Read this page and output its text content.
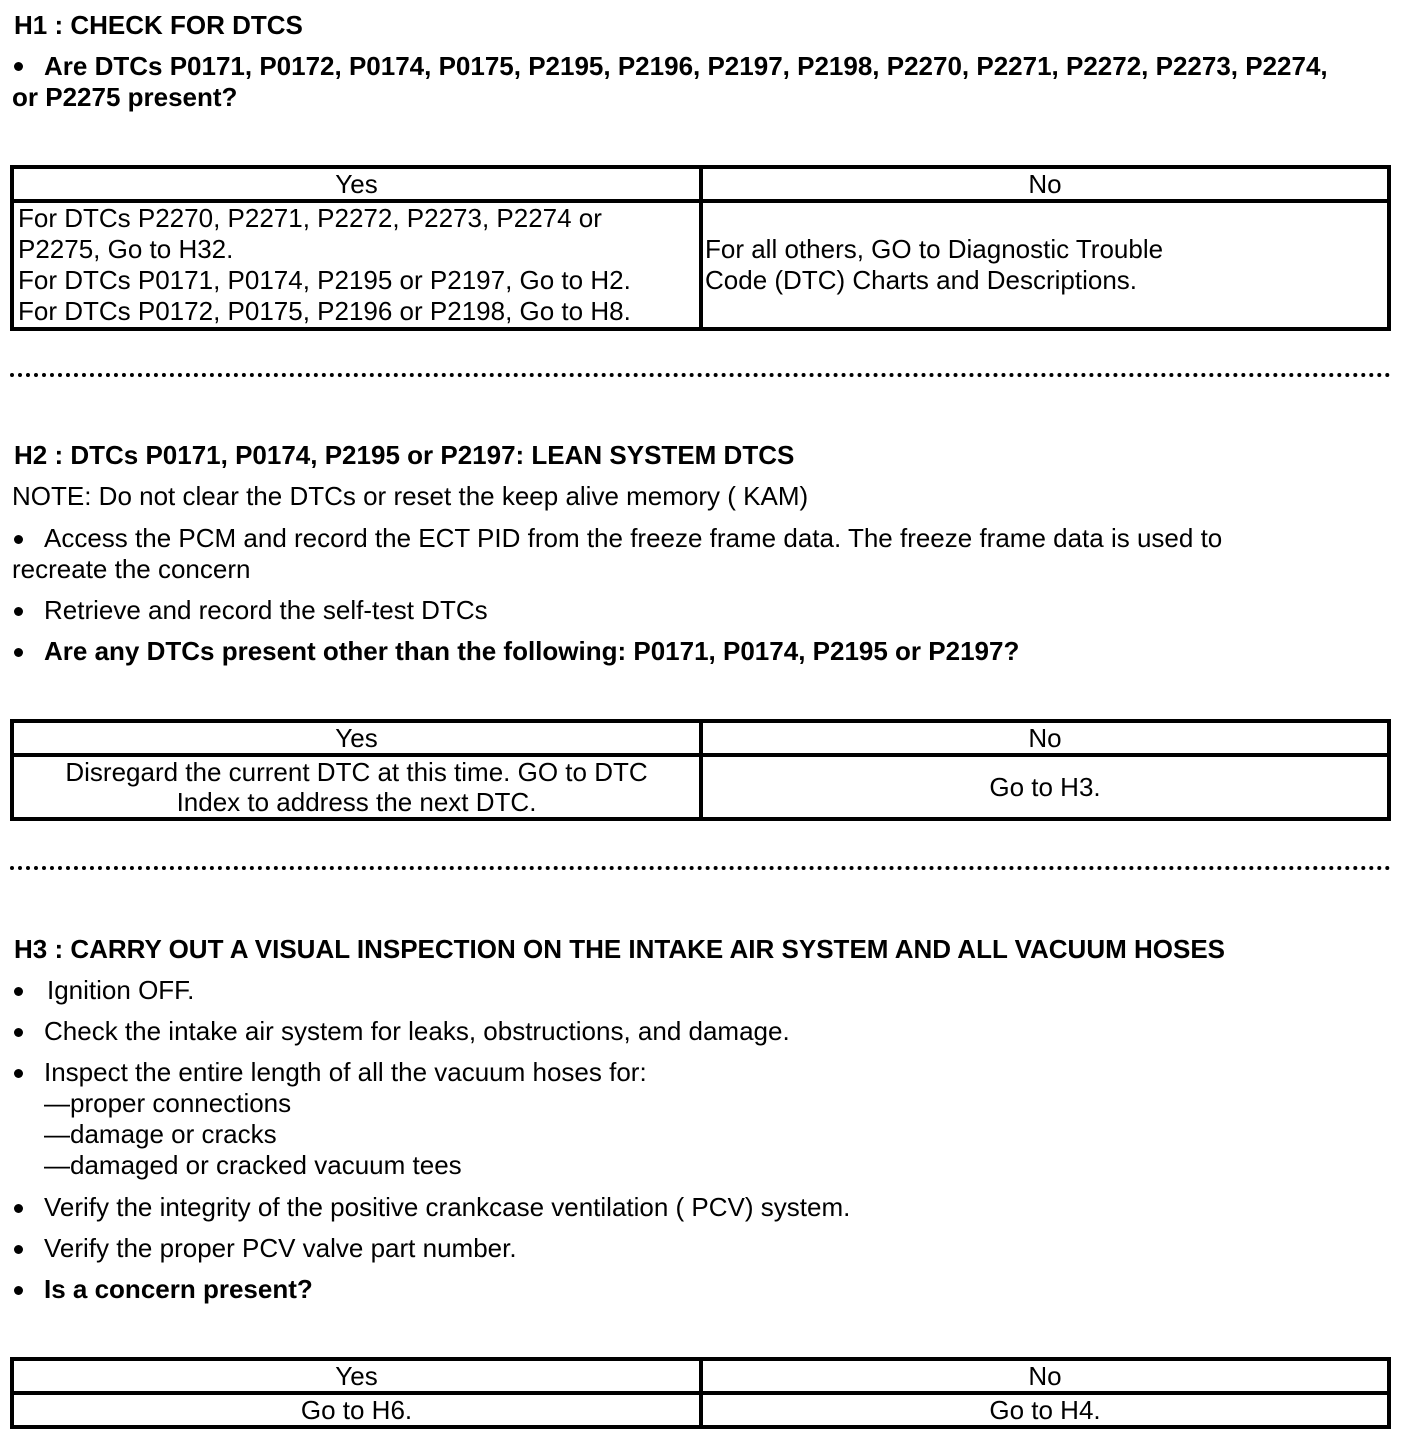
H1 : CHECK FOR DTCS
Are DTCs P0171, P0172, P0174, P0175, P2195, P2196, P2197, P2198, P2270, P2271, P2272, P2273, P2274, or P2275 present?
Yes	No
For DTCs P2270, P2271, P2272, P2273, P2274 or
P2275, Go to H32.
For DTCs P0171, P0174, P2195 or P2197, Go to H2.
For DTCs P0172, P0175, P2196 or P2198, Go to H8.	For all others, GO to Diagnostic Trouble
Code (DTC) Charts and Descriptions.
H2 : DTCs P0171, P0174, P2195 or P2197: LEAN SYSTEM DTCS
NOTE: Do not clear the DTCs or reset the keep alive memory ( KAM)
Access the PCM and record the ECT PID from the freeze frame data. The freeze frame data is used to recreate the concern
Retrieve and record the self-test DTCs
Are any DTCs present other than the following: P0171, P0174, P2195 or P2197?
Yes	No
Disregard the current DTC at this time. GO to DTC
Index to address the next DTC.	Go to H3.
H3 : CARRY OUT A VISUAL INSPECTION ON THE INTAKE AIR SYSTEM AND ALL VACUUM HOSES
Ignition OFF.
Check the intake air system for leaks, obstructions, and damage.
Inspect the entire length of all the vacuum hoses for:
—proper connections
—damage or cracks
—damaged or cracked vacuum tees
Verify the integrity of the positive crankcase ventilation ( PCV) system.
Verify the proper PCV valve part number.
Is a concern present?
Yes	No
Go to H6.	Go to H4.
